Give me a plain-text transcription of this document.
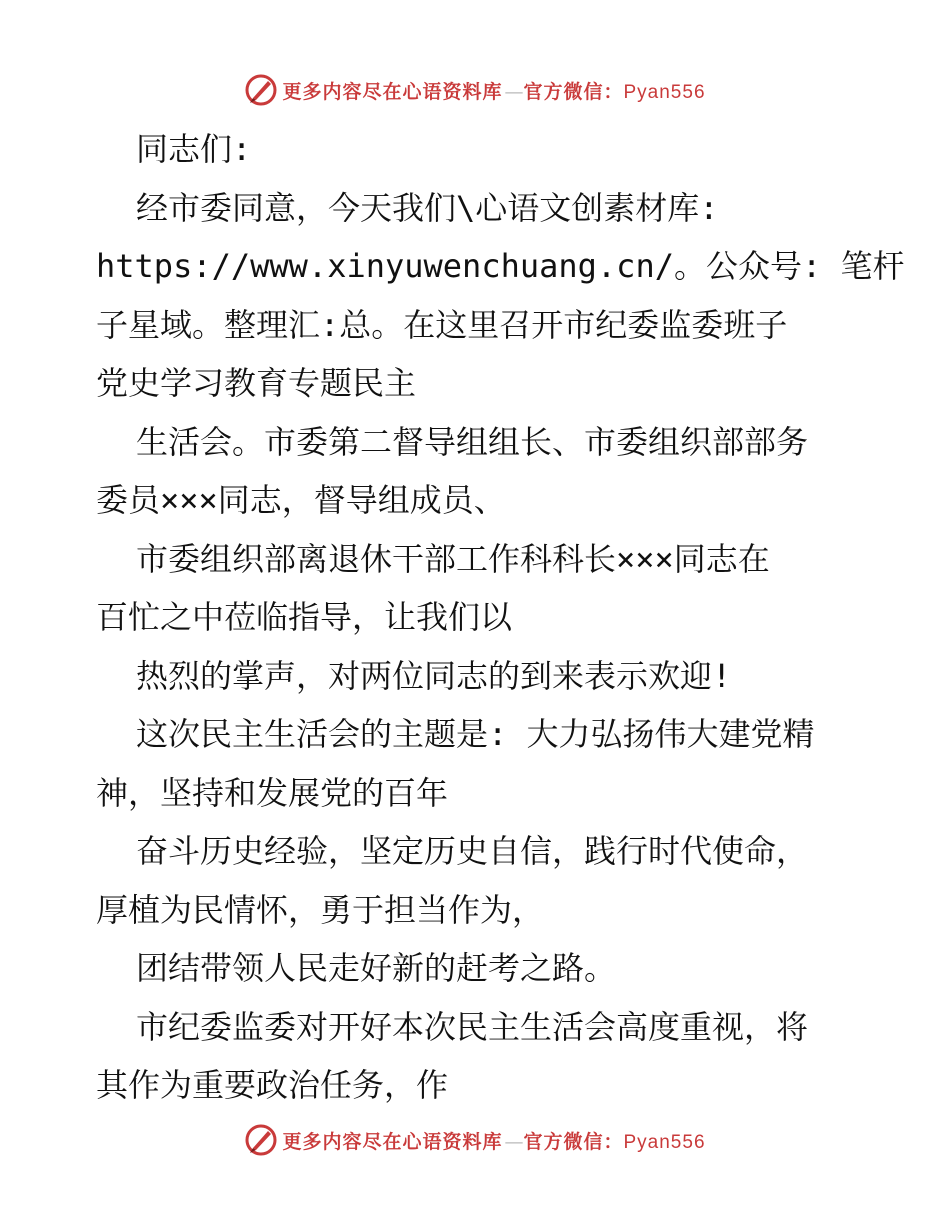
更多内容尽在心语资料库 — 官方微信：Pyan556
同志们:
经市委同意，今天我们\心语文创素材库:
https://www.xinyuwenchuang.cn/。公众号: 笔杆
子星域。整理汇:总。在这里召开市纪委监委班子
党史学习教育专题民主
生活会。市委第二督导组组长、市委组织部部务
委员×××同志，督导组成员、
市委组织部离退休干部工作科科长×××同志在
百忙之中莅临指导，让我们以
热烈的掌声，对两位同志的到来表示欢迎!
这次民主生活会的主题是: 大力弘扬伟大建党精
神，坚持和发展党的百年
奋斗历史经验，坚定历史自信，践行时代使命，
厚植为民情怀，勇于担当作为，
团结带领人民走好新的赶考之路。
市纪委监委对开好本次民主生活会高度重视，将
其作为重要政治任务，作
更多内容尽在心语资料库 — 官方微信：Pyan556
